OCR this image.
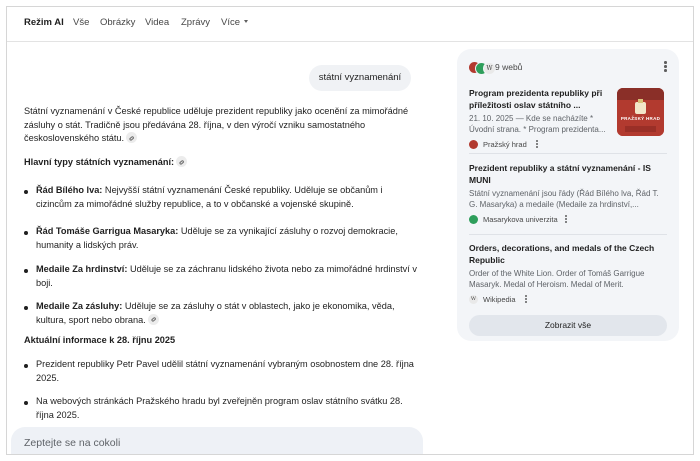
Režim AI Vše Obrázky Videa Zprávy Více
státní vyznamenání
Státní vyznamenání v České republice uděluje prezident republiky jako ocenění za mimořádné zásluhy o stát. Tradičně jsou předávána 28. října, v den výročí vzniku samostatného československého státu.
Hlavní typy státních vyznamenání:
Řád Bílého lva: Nejvyšší státní vyznamenání České republiky. Uděluje se občanům i cizincům za mimořádné služby republice, a to v občanské a vojenské skupině.
Řád Tomáše Garrigua Masaryka: Uděluje se za vynikající zásluhy o rozvoj demokracie, humanity a lidských práv.
Medaile Za hrdinství: Uděluje se za záchranu lidského života nebo za mimořádné hrdinství v boji.
Medaile Za zásluhy: Uděluje se za zásluhy o stát v oblastech, jako je ekonomika, věda, kultura, sport nebo obrana.
Aktuální informace k 28. říjnu 2025
Prezident republiky Petr Pavel udělil státní vyznamenání vybraným osobnostem dne 28. října 2025.
Na webových stránkách Pražského hradu byl zveřejněn program oslav státního svátku 28. října 2025.
Zeptejte se na cokoli
W 9 webů
Program prezidenta republiky při příležitosti oslav státního ...
21. 10. 2025 — Kde se nacházíte * Úvodní strana. * Program prezidenta...
Pražský hrad
PRAŽSKÝ HRAD
Prezident republiky a státní vyznamenání - IS MUNI
Státní vyznamenání jsou řády (Řád Bílého lva, Řád T. G. Masaryka) a medaile (Medaile za hrdinství,...
Masarykova univerzita
Orders, decorations, and medals of the Czech Republic
Order of the White Lion. Order of Tomáš Garrigue Masaryk. Medal of Heroism. Medal of Merit.
W Wikipedia
Zobrazit vše
